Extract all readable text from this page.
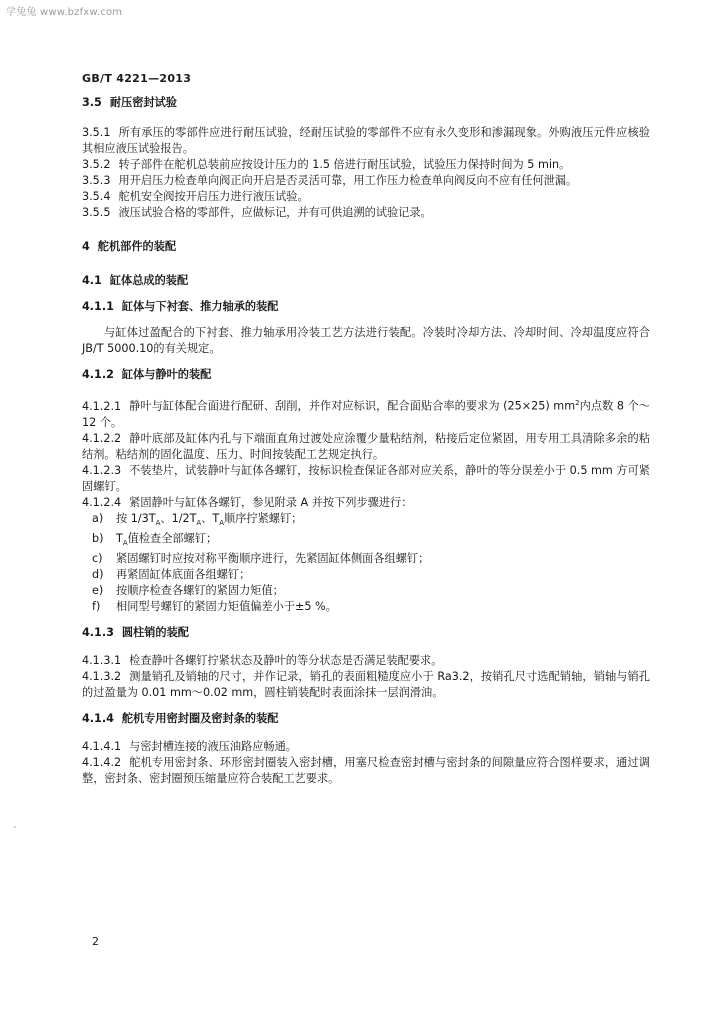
学兔兔 www.bzfxw.com
GB/T 4221—2013

3.5 耐压密封试验

3.5.1 所有承压的零部件应进行耐压试验，经耐压试验的零部件不应有永久变形和渗漏现象。外购液压元件应核验其相应液压试验报告。

3.5.2 转子部件在舵机总装前应按设计压力的 1.5 倍进行耐压试验，试验压力保持时间为 5 min。

3.5.3 用开启压力检查单向阀正向开启是否灵活可靠，用工作压力检查单向阀反向不应有任何泄漏。

3.5.4 舵机安全阀按开启压力进行液压试验。

3.5.5 液压试验合格的零部件，应做标记，并有可供追溯的试验记录。

4 舵机部件的装配

4.1 缸体总成的装配

4.1.1 缸体与下衬套、推力轴承的装配

与缸体过盈配合的下衬套、推力轴承用冷装工艺方法进行装配。冷装时冷却方法、冷却时间、冷却温度应符合JB/T 5000.10的有关规定。

4.1.2 缸体与静叶的装配

4.1.2.1 静叶与缸体配合面进行配研、刮削，并作对应标识，配合面贴合率的要求为 (25×25) $mm^2$内点数 8 个～12 个。

4.1.2.2 静叶底部及缸体内孔与下端面直角过渡处应涂覆少量粘结剂，粘接后定位紧固，用专用工具清除多余的粘结剂。粘结剂的固化温度、压力、时间按装配工艺规定执行。

4.1.2.3 不装垫片，试装静叶与缸体各螺钉，按标识检查保证各部对应关系，静叶的等分误差小于 0.5 mm 方可紧固螺钉。

4.1.2.4 紧固静叶与缸体各螺钉，参见附录 A 并按下列步骤进行：

a) 按 $1/3T_A$、$1/2T_A$、$T_A$顺序拧紧螺钉；

b) $T_A$值检查全部螺钉；

c) 紧固螺钉时应按对称平衡顺序进行，先紧固缸体侧面各组螺钉；

d) 再紧固缸体底面各组螺钉；

e) 按顺序检查各螺钉的紧固力矩值；

f) 相同型号螺钉的紧固力矩值偏差小于±5 %。

4.1.3 圆柱销的装配

4.1.3.1 检查静叶各螺钉拧紧状态及静叶的等分状态是否满足装配要求。

4.1.3.2 测量销孔及销轴的尺寸，并作记录，销孔的表面粗糙度应小于 Ra3.2，按销孔尺寸选配销轴，销轴与销孔的过盈量为 0.01 mm～0.02 mm，圆柱销装配时表面涂抹一层润滑油。

4.1.4 舵机专用密封圈及密封条的装配

4.1.4.1 与密封槽连接的液压油路应畅通。

4.1.4.2 舵机专用密封条、环形密封圈装入密封槽，用塞尺检查密封槽与密封条的间隙量应符合图样要求，通过调整，密封条、密封圈预压缩量应符合装配工艺要求。

2
